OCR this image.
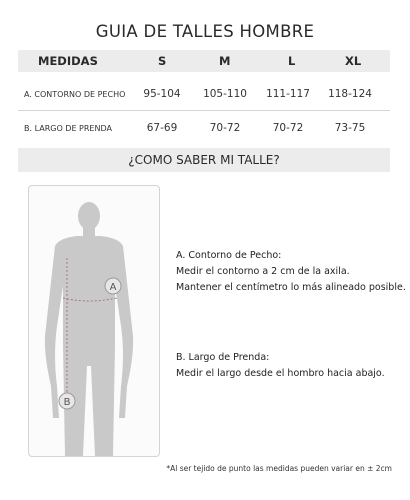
GUIA DE TALLES HOMBRE
MEDIDAS	S	M	L	XL
A. CONTORNO DE PECHO	95-104	105-110	111-117	118-124
B. LARGO DE PRENDA	67-69	70-72	70-72	73-75
¿COMO SABER MI TALLE?
A
B
A. Contorno de Pecho:
Medir el contorno a 2 cm de la axila.
Mantener el centímetro lo más alineado posible.
B. Largo de Prenda:
Medir el largo desde el hombro hacia abajo.
*Al ser tejido de punto las medidas pueden variar en ± 2cm
